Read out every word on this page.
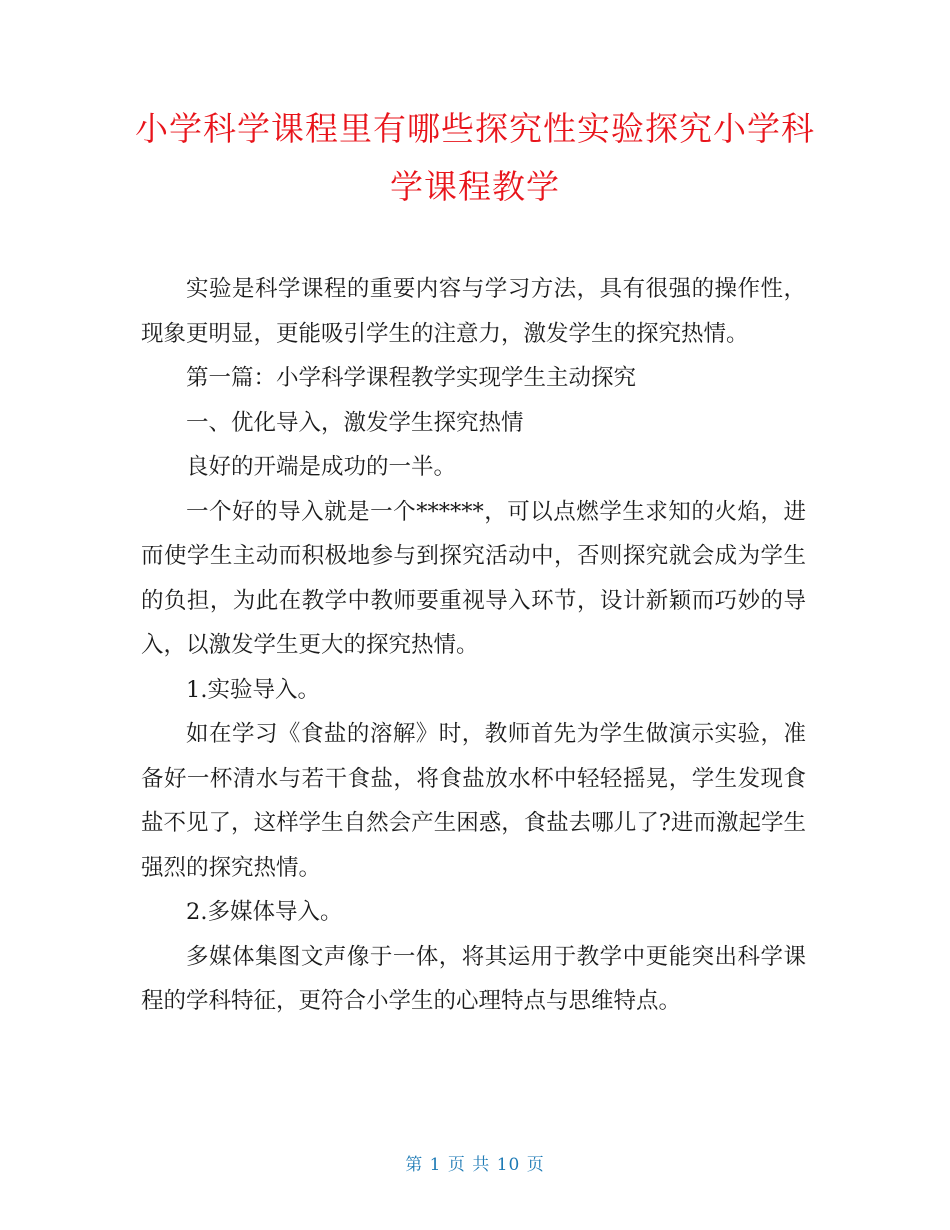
小学科学课程里有哪些探究性实验探究小学科学课程教学

实验是科学课程的重要内容与学习方法，具有很强的操作性，现象更明显，更能吸引学生的注意力，激发学生的探究热情。

第一篇：小学科学课程教学实现学生主动探究

一、优化导入，激发学生探究热情

良好的开端是成功的一半。

一个好的导入就是一个******，可以点燃学生求知的火焰，进而使学生主动而积极地参与到探究活动中，否则探究就会成为学生的负担，为此在教学中教师要重视导入环节，设计新颖而巧妙的导入，以激发学生更大的探究热情。

1.实验导入。

如在学习《食盐的溶解》时，教师首先为学生做演示实验，准备好一杯清水与若干食盐，将食盐放水杯中轻轻摇晃，学生发现食盐不见了，这样学生自然会产生困惑，食盐去哪儿了?进而激起学生强烈的探究热情。

2.多媒体导入。

多媒体集图文声像于一体，将其运用于教学中更能突出科学课程的学科特征，更符合小学生的心理特点与思维特点。

第 1 页 共 10 页
